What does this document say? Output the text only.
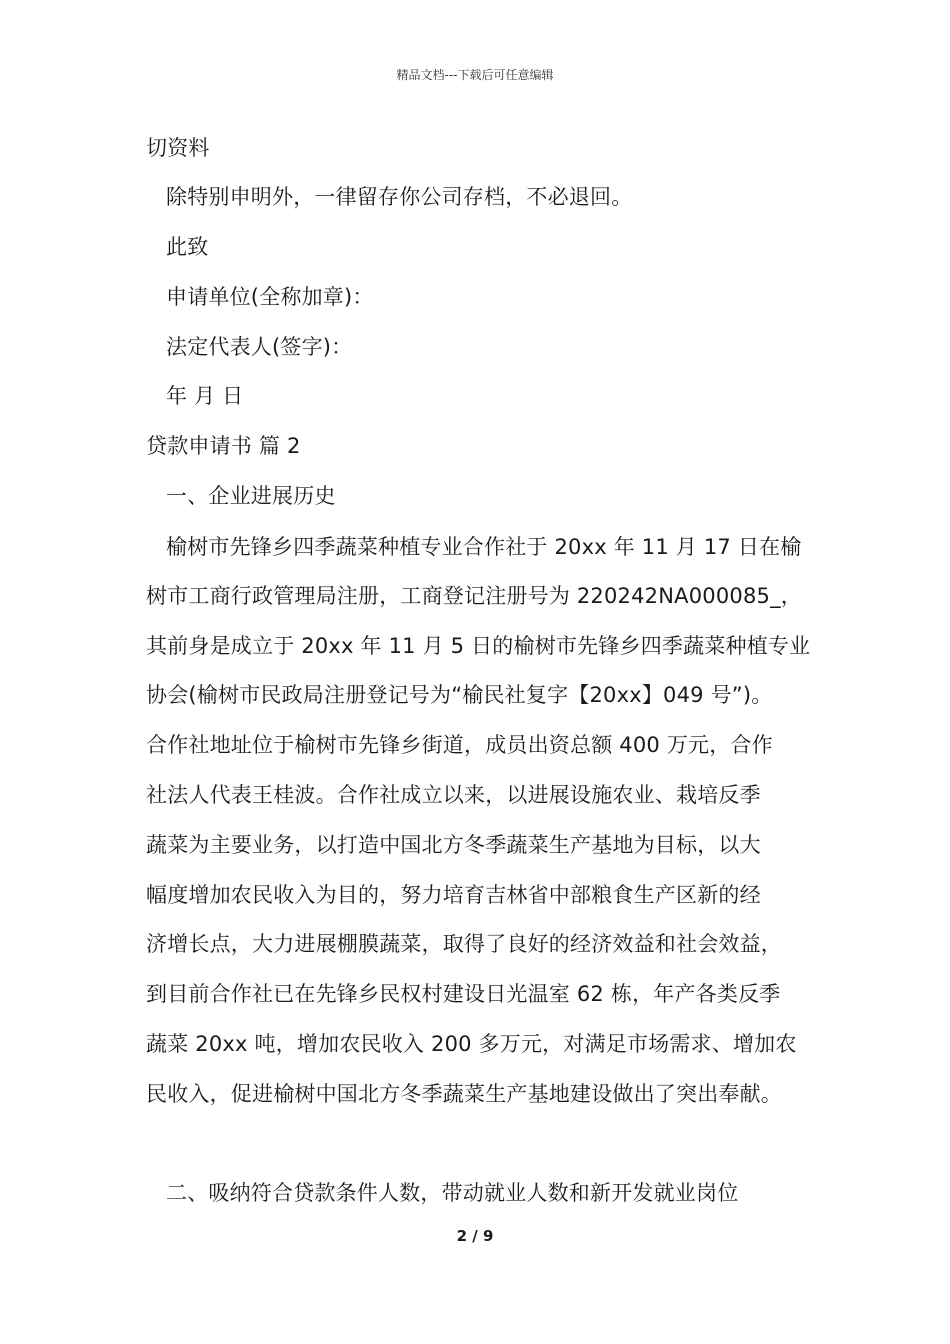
精品文档---下载后可任意编辑
切资料
除特别申明外，一律留存你公司存档，不必退回。
此致
申请单位(全称加章)：
法定代表人(签字)：
年 月 日
贷款申请书 篇 2
一、企业进展历史
榆树市先锋乡四季蔬菜种植专业合作社于 20xx 年 11 月 17 日在榆
树市工商行政管理局注册，工商登记注册号为 220242NA000085_，
其前身是成立于 20xx 年 11 月 5 日的榆树市先锋乡四季蔬菜种植专业
协会(榆树市民政局注册登记号为“榆民社复字【20xx】049 号”)。
合作社地址位于榆树市先锋乡街道，成员出资总额 400 万元，合作
社法人代表王桂波。合作社成立以来，以进展设施农业、栽培反季
蔬菜为主要业务，以打造中国北方冬季蔬菜生产基地为目标，以大
幅度增加农民收入为目的，努力培育吉林省中部粮食生产区新的经
济增长点，大力进展棚膜蔬菜，取得了良好的经济效益和社会效益，
到目前合作社已在先锋乡民权村建设日光温室 62 栋，年产各类反季
蔬菜 20xx 吨，增加农民收入 200 多万元，对满足市场需求、增加农
民收入，促进榆树中国北方冬季蔬菜生产基地建设做出了突出奉献。
二、吸纳符合贷款条件人数，带动就业人数和新开发就业岗位
2 / 9
